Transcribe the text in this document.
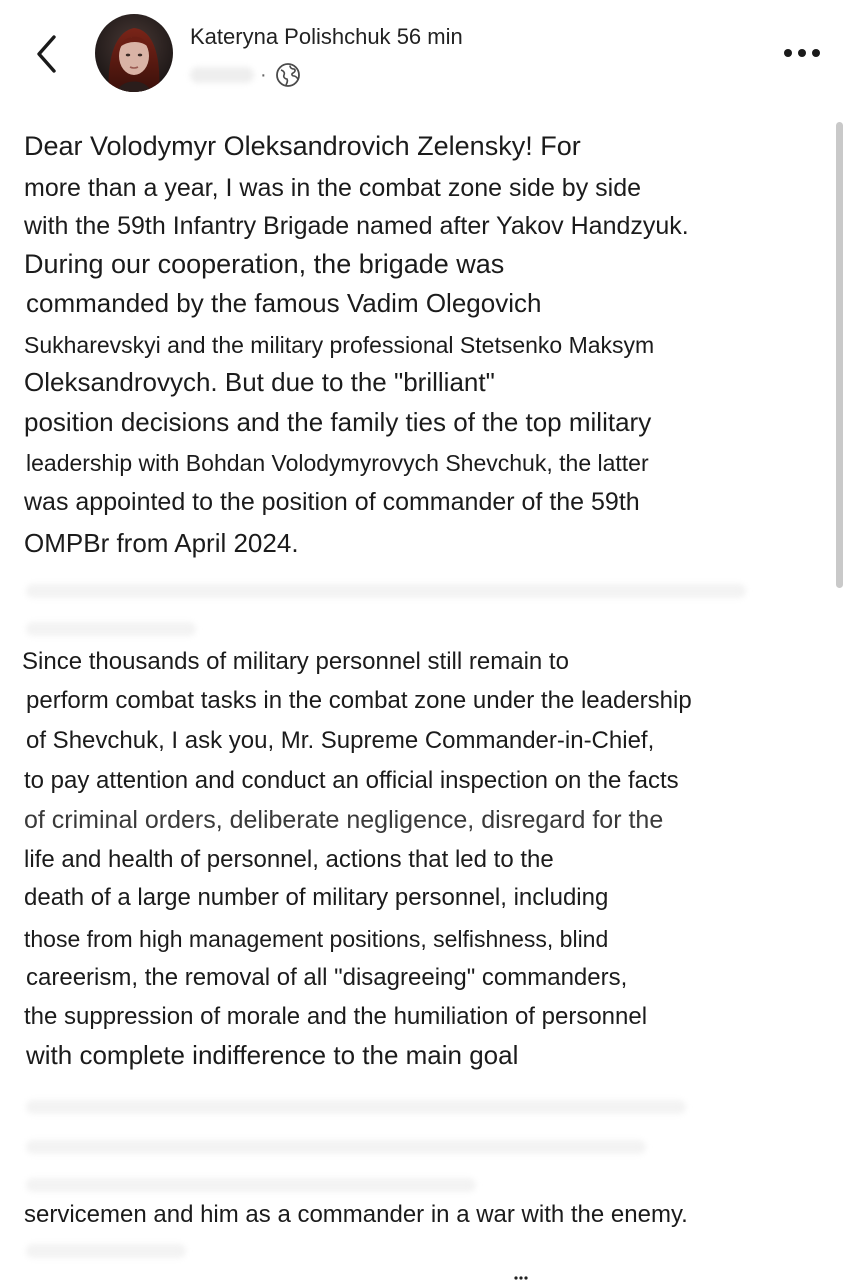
Kateryna Polishchuk 56 min
·
Dear Volodymyr Oleksandrovich Zelensky! For
more than a year, I was in the combat zone side by side
with the 59th Infantry Brigade named after Yakov Handzyuk.
During our cooperation, the brigade was
commanded by the famous Vadim Olegovich
Sukharevskyi and the military professional Stetsenko Maksym
Oleksandrovych. But due to the "brilliant"
position decisions and the family ties of the top military
leadership with Bohdan Volodymyrovych Shevchuk, the latter
was appointed to the position of commander of the 59th
OMPBr from April 2024.
Since thousands of military personnel still remain to
perform combat tasks in the combat zone under the leadership
of Shevchuk, I ask you, Mr. Supreme Commander-in-Chief,
to pay attention and conduct an official inspection on the facts
of criminal orders, deliberate negligence, disregard for the
life and health of personnel, actions that led to the
death of a large number of military personnel, including
those from high management positions, selfishness, blind
careerism, the removal of all "disagreeing" commanders,
the suppression of morale and the humiliation of personnel
with complete indifference to the main goal
servicemen and him as a commander in a war with the enemy.
